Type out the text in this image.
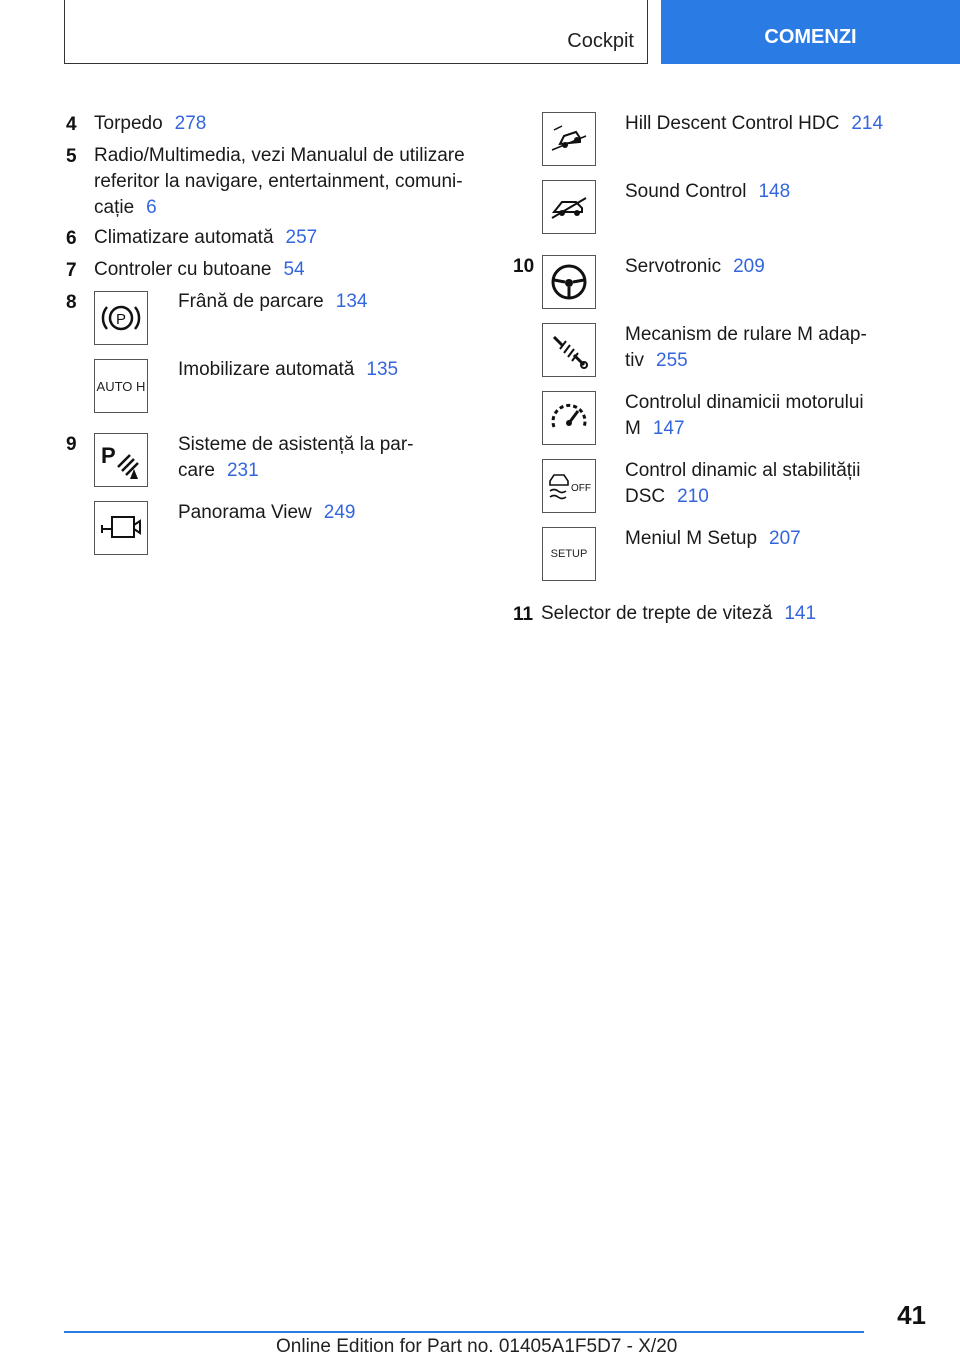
Cockpit	COMENZI
4 Torpedo 278
5 Radio/Multimedia, vezi Manualul de utilizare referitor la navigare, entertainment, comuni-cație 6
6 Climatizare automată 257
7 Controler cu butoane 54
8
P
Frână de parcare 134
AUTO H
Imobilizare automată 135
9 P	Sisteme de asistență la par-care 231
Panorama View 249
Hill Descent Control HDC 214
Sound Control 148
10	Servotronic 209
Mecanism de rulare M adap-tiv 255
Controlul dinamicii motorului M 147
OFF
Control dinamic al stabilității DSC 210
SETUP
Meniul M Setup 207
11 Selector de trepte de viteză 141
41
Online Edition for Part no. 01405A1F5D7 - X/20
